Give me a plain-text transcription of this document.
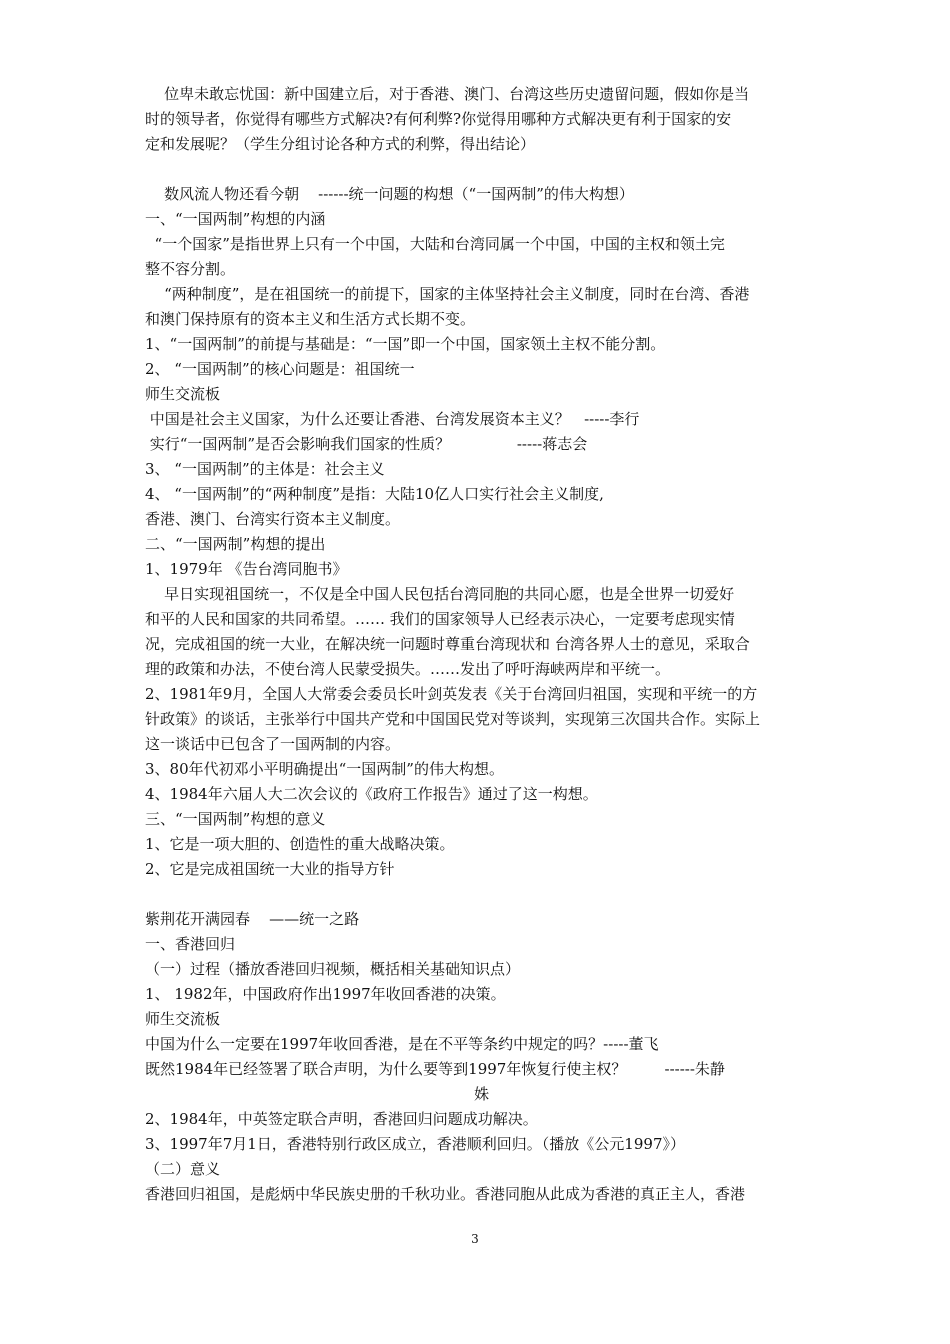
位卑未敢忘忧国：新中国建立后，对于香港、澳门、台湾这些历史遗留问题，假如你是当
时的领导者，你觉得有哪些方式解决?有何利弊?你觉得用哪种方式解决更有利于国家的安
定和发展呢？（学生分组讨论各种方式的利弊，得出结论）
数风流人物还看今朝    ------统一问题的构想（“一国两制”的伟大构想）
一、“一国两制”构想的内涵
“一个国家”是指世界上只有一个中国，大陆和台湾同属一个中国，中国的主权和领土完
整不容分割。
“两种制度”，是在祖国统一的前提下，国家的主体坚持社会主义制度，同时在台湾、香港
和澳门保持原有的资本主义和生活方式长期不变。
1、“一国两制”的前提与基础是：“一国”即一个中国，国家领土主权不能分割。
2、 “一国两制”的核心问题是：祖国统一
师生交流板
中国是社会主义国家，为什么还要让香港、台湾发展资本主义？   -----李行
实行“一国两制”是否会影响我们国家的性质？              -----蒋志会
3、 “一国两制”的主体是：社会主义
4、 “一国两制”的“两种制度”是指：大陆10亿人口实行社会主义制度,
香港、澳门、台湾实行资本主义制度。
二、“一国两制”构想的提出
1、1979年 《告台湾同胞书》
早日实现祖国统一，不仅是全中国人民包括台湾同胞的共同心愿，也是全世界一切爱好
和平的人民和国家的共同希望。…… 我们的国家领导人已经表示决心，一定要考虑现实情
况，完成祖国的统一大业，在解决统一问题时尊重台湾现状和 台湾各界人士的意见，采取合
理的政策和办法，不使台湾人民蒙受损失。……发出了呼吁海峡两岸和平统一。
2、1981年9月，全国人大常委会委员长叶剑英发表《关于台湾回归祖国，实现和平统一的方
针政策》的谈话，主张举行中国共产党和中国国民党对等谈判，实现第三次国共合作。实际上
这一谈话中已包含了一国两制的内容。
3、80年代初邓小平明确提出“一国两制”的伟大构想。
4、1984年六届人大二次会议的《政府工作报告》通过了这一构想。
三、“一国两制”构想的意义
1、它是一项大胆的、创造性的重大战略决策。
2、它是完成祖国统一大业的指导方针
紫荆花开满园春    ——统一之路
一、香港回归
（一）过程（播放香港回归视频，概括相关基础知识点）
1、 1982年，中国政府作出1997年收回香港的决策。
师生交流板
中国为什么一定要在1997年收回香港，是在不平等条约中规定的吗？-----董飞
既然1984年已经签署了联合声明，为什么要等到1997年恢复行使主权？        ------朱静
姝
2、1984年，中英签定联合声明，香港回归问题成功解决。
3、1997年7月1日，香港特别行政区成立，香港顺利回归。（播放《公元1997》）
（二）意义
香港回归祖国，是彪炳中华民族史册的千秋功业。香港同胞从此成为香港的真正主人，香港
3
